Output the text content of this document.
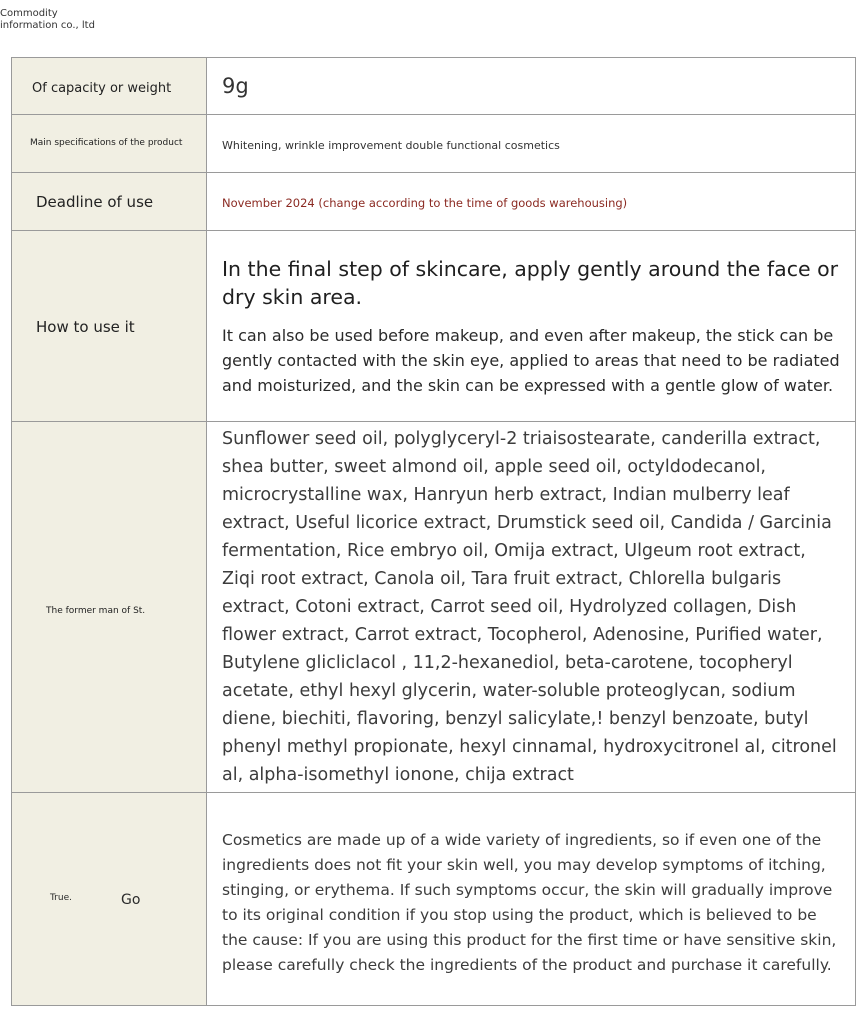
Commodity information co., ltd
Of capacity or weight	9g

Main specifications of the product	Whitening, wrinkle improvement double functional cosmetics
Deadline of use	November 2024 (change according to the time of goods warehousing)
How to use it	In the final step of skincare, apply gently around the face or dry skin area.

It can also be used before makeup, and even after makeup, the stick can be gently contacted with the skin eye, applied to areas that need to be radiated and moisturized, and the skin can be expressed with a gentle glow of water.

The former man of St.	Sunflower seed oil, polyglyceryl-2 triaisostearate, canderilla extract, shea butter, sweet almond oil, apple seed oil, octyldodecanol, microcrystalline wax, Hanryun herb extract, Indian mulberry leaf extract, Useful licorice extract, Drumstick seed oil, Candida / Garcinia fermentation, Rice embryo oil, Omija extract, Ulgeum root extract, Ziqi root extract, Canola oil, Tara fruit extract, Chlorella bulgaris extract, Cotoni extract, Carrot seed oil, Hydrolyzed collagen, Dish flower extract, Carrot extract, Tocopherol, Adenosine, Purified water, Butylene glicliclacol , 11,2-hexanediol, beta-carotene, tocopheryl acetate, ethyl hexyl glycerin, water-soluble proteoglycan, sodium diene, biechiti, flavoring, benzyl salicylate,! benzyl benzoate, butyl phenyl methyl propionate, hexyl cinnamal, hydroxycitronel al, citronel al, alpha-isomethyl ionone, chija extract

True. Go	Cosmetics are made up of a wide variety of ingredients, so if even one of the ingredients does not fit your skin well, you may develop symptoms of itching, stinging, or erythema. If such symptoms occur, the skin will gradually improve to its original condition if you stop using the product, which is believed to be the cause: If you are using this product for the first time or have sensitive skin, please carefully check the ingredients of the product and purchase it carefully.
